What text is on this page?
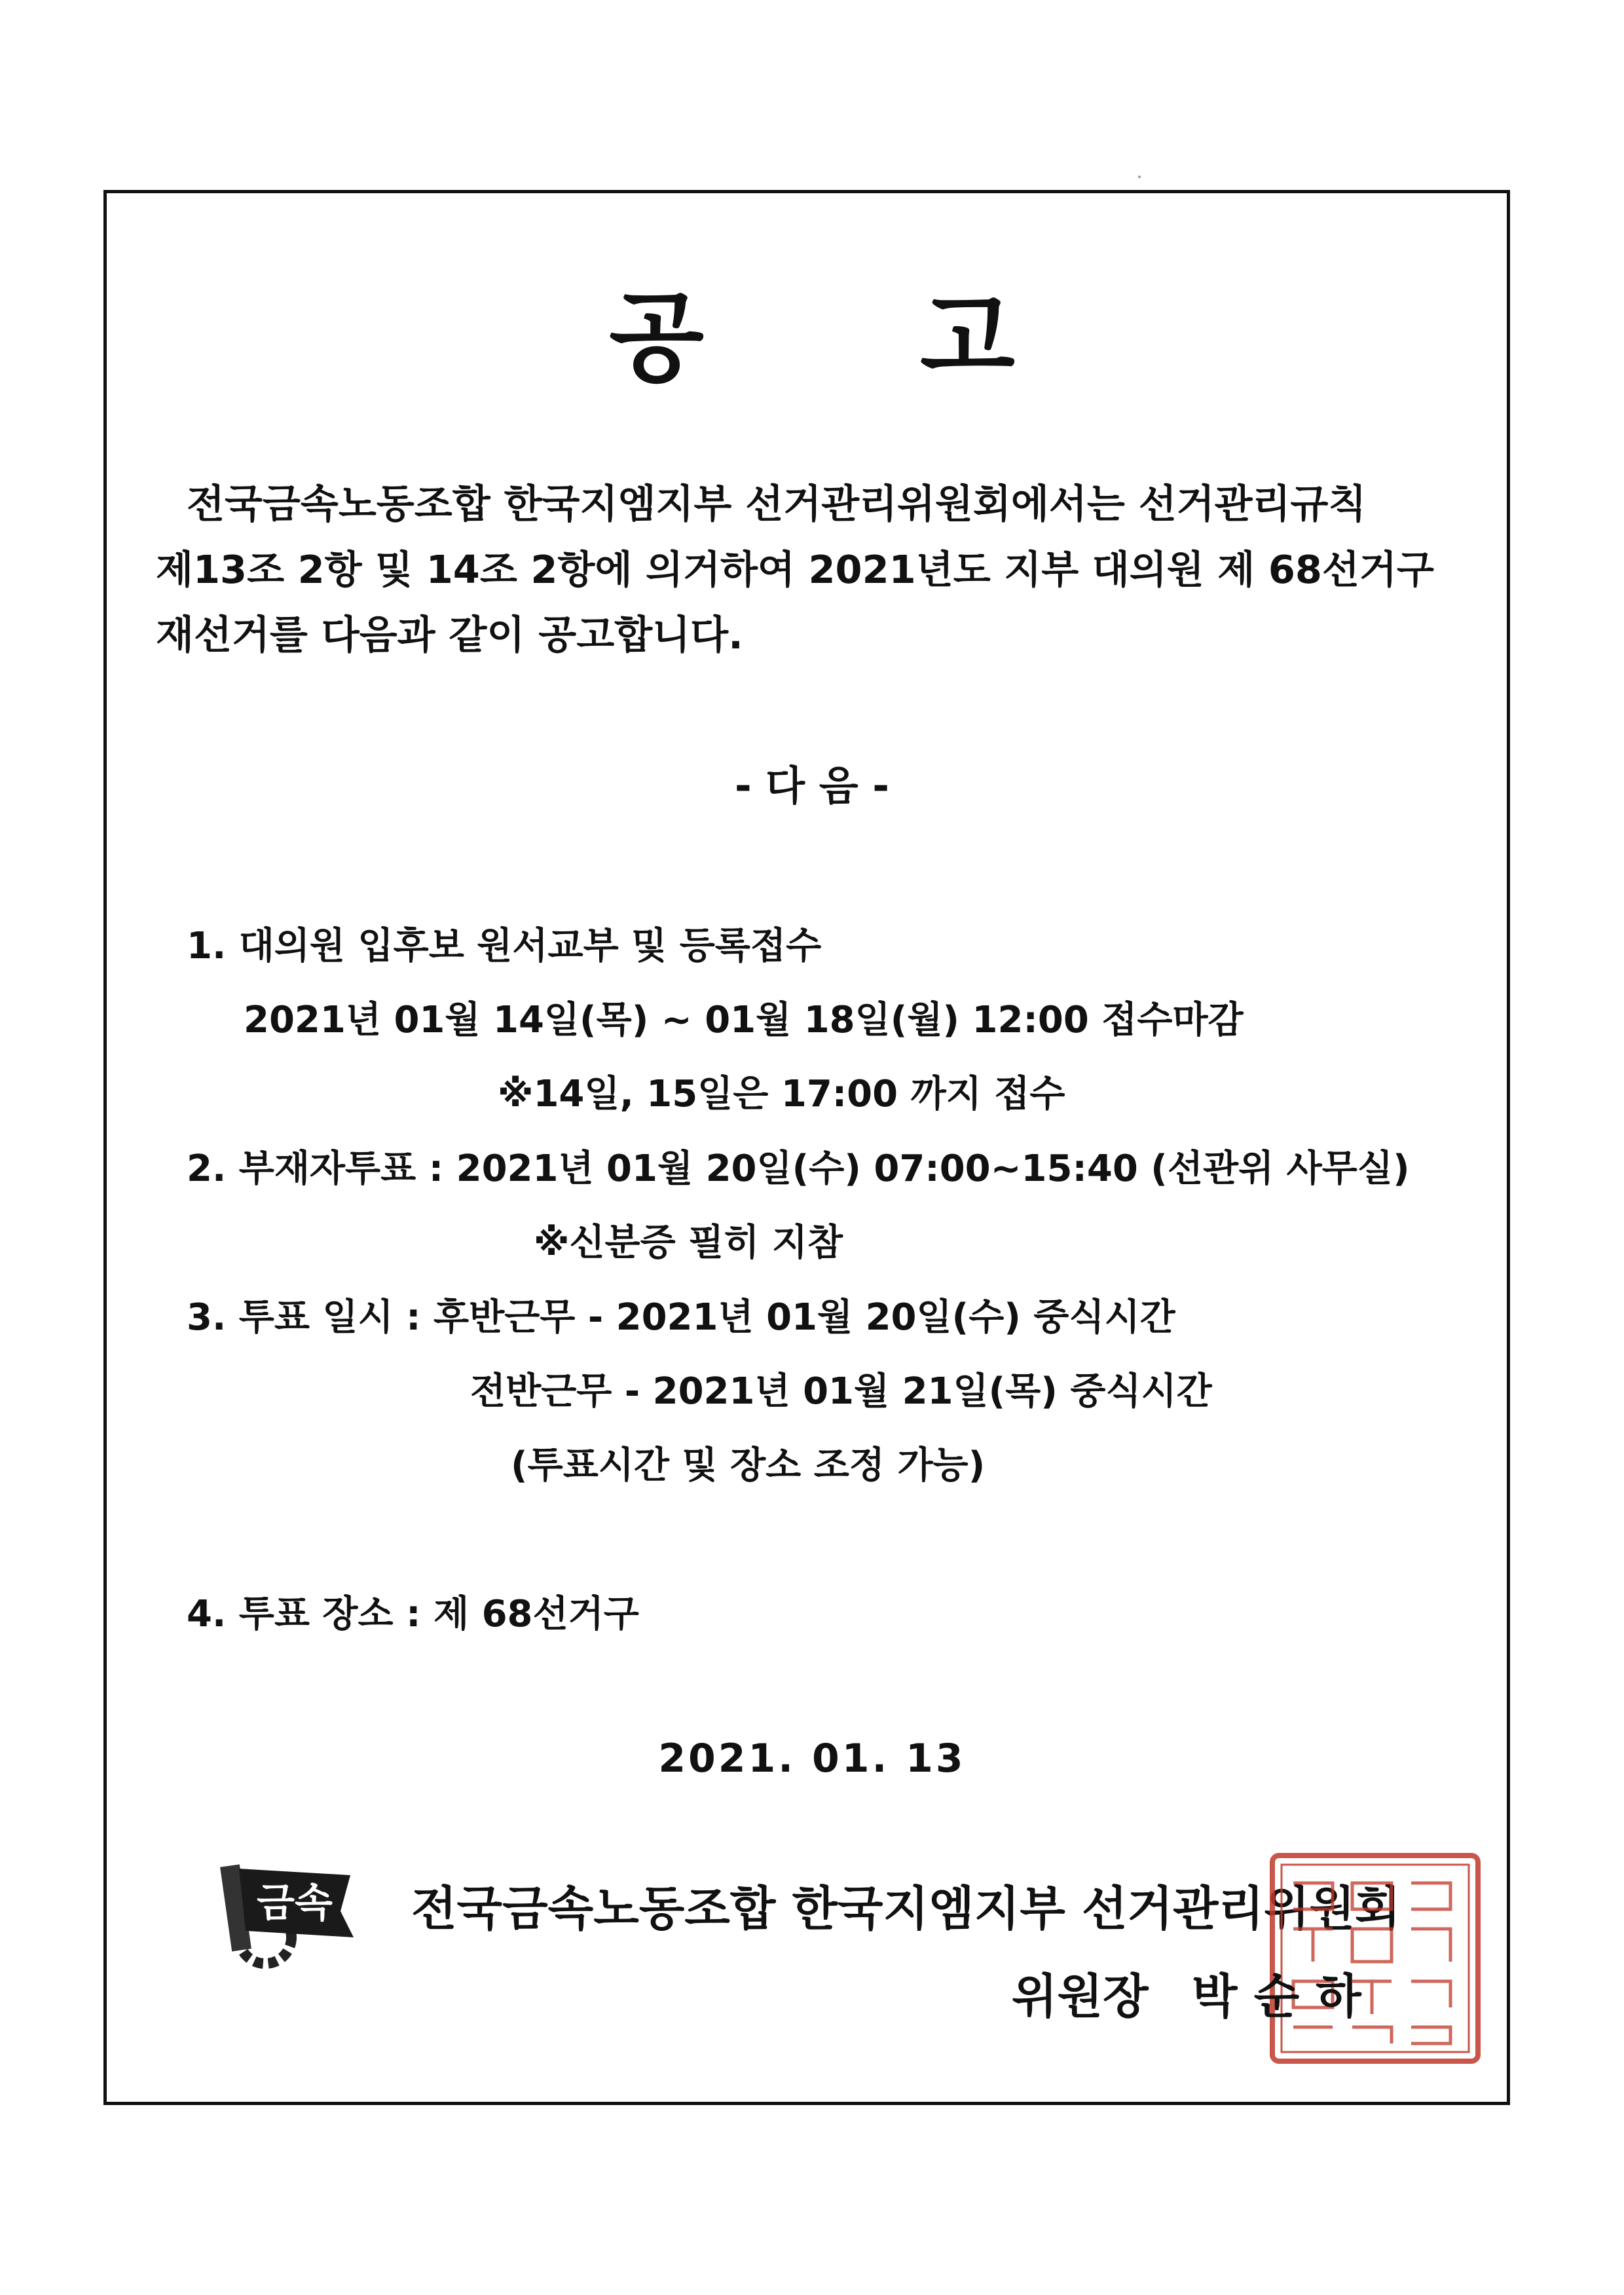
공 고
전국금속노동조합 한국지엠지부 선거관리위원회에서는 선거관리규칙
제13조 2항 및 14조 2항에 의거하여 2021년도 지부 대의원 제 68선거구
재선거를 다음과 같이 공고합니다.
- 다 음 -
1. 대의원 입후보 원서교부 및 등록접수
2021년 01월 14일(목) ~ 01월 18일(월) 12:00 접수마감
※14일, 15일은 17:00 까지 접수
2. 부재자투표 : 2021년 01월 20일(수) 07:00~15:40 (선관위 사무실)
※신분증 필히 지참
3. 투표 일시 : 후반근무 - 2021년 01월 20일(수) 중식시간
전반근무 - 2021년 01월 21일(목) 중식시간
(투표시간 및 장소 조정 가능)
4. 투표 장소 : 제 68선거구
2021. 01. 13
금속 전국금속노동조합 한국지엠지부 선거관리위원회
위원장 박 순 하
